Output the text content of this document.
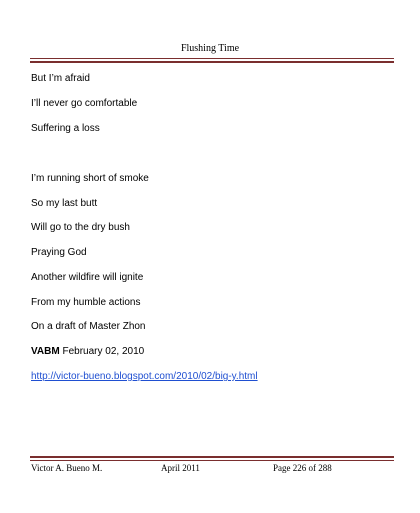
Flushing Time
But I’m afraid
I’ll never go comfortable
Suffering a loss
I’m running short of smoke
So my last butt
Will go to the dry bush
Praying God
Another wildfire will ignite
From my humble actions
On a draft of Master Zhon
VABM February 02, 2010
http://victor-bueno.blogspot.com/2010/02/big-y.html
Victor A. Bueno M.	April 2011	Page 226 of 288
